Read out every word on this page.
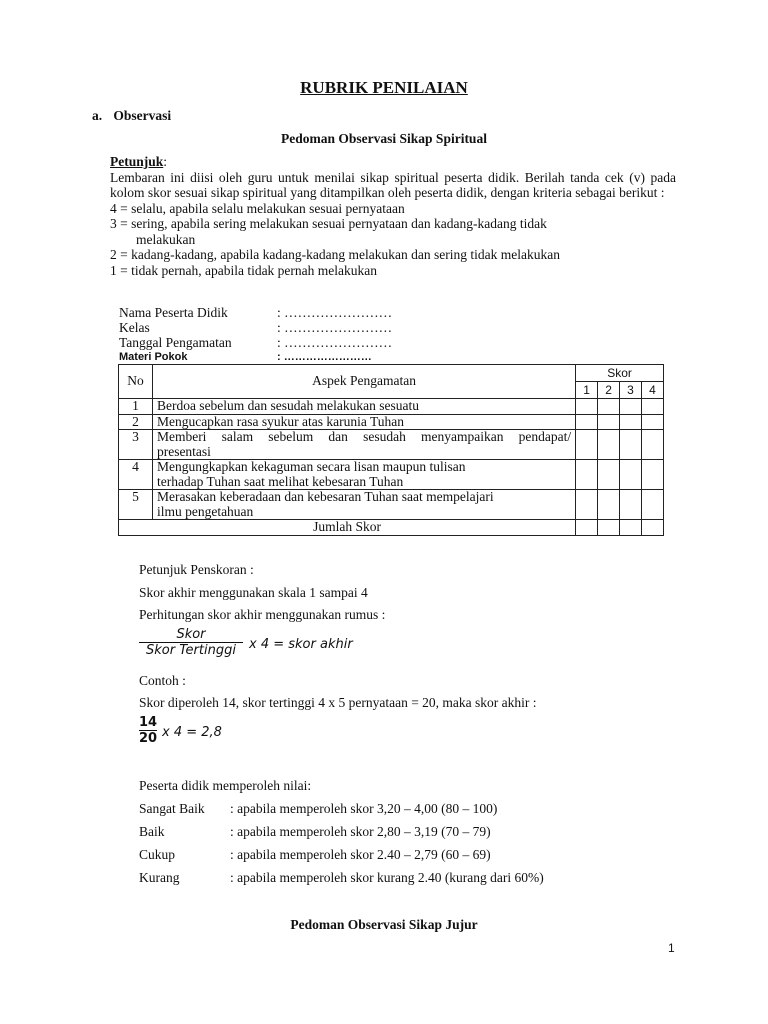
RUBRIK PENILAIAN
a. Observasi
Pedoman Observasi Sikap Spiritual
Petunjuk:

Lembaran ini diisi oleh guru untuk menilai sikap spiritual peserta didik. Berilah tanda cek (v) pada kolom skor sesuai sikap spiritual yang ditampilkan oleh peserta didik, dengan kriteria sebagai berikut :

4 = selalu, apabila selalu melakukan sesuai pernyataan
3 = sering, apabila sering melakukan sesuai pernyataan dan kadang-kadang tidak
melakukan
2 = kadang-kadang, apabila kadang-kadang melakukan dan sering tidak melakukan
1 = tidak pernah, apabila tidak pernah melakukan
Nama Peserta Didik	: ……………………
Kelas	: ……………………
Tanggal Pengamatan	: ……………………
Materi Pokok	: ……………………
No	Aspek Pengamatan	Skor			
		1	2	3	4
1	Berdoa sebelum dan sesudah melakukan sesuatu				
2	Mengucapkan rasa syukur atas karunia Tuhan				
3	Memberi salam sebelum dan sesudah menyampaikan pendapat/
presentasi				

4	Mengungkapkan kekaguman secara lisan maupun tulisan
terhadap Tuhan saat melihat kebesaran Tuhan				

5	Merasakan keberadaan dan kebesaran Tuhan saat mempelajari
ilmu pengetahuan				

Jumlah Skor					
Petunjuk Penskoran :
Skor akhir menggunakan skala 1 sampai 4
Perhitungan skor akhir menggunakan rumus :
Skor
Skor Tertinggi	x 4 = skor akhir
Contoh :
Skor diperoleh 14, skor tertinggi 4 x 5 pernyataan = 20, maka skor akhir :
14
20 x 4 = 2,8
Peserta didik memperoleh nilai:
Sangat Baik : apabila memperoleh skor 3,20 – 4,00 (80 – 100)
Baik	: apabila memperoleh skor 2,80 – 3,19 (70 – 79)
Cukup	: apabila memperoleh skor 2.40 – 2,79 (60 – 69)
Kurang	: apabila memperoleh skor kurang 2.40 (kurang dari 60%)
Pedoman Observasi Sikap Jujur
1
